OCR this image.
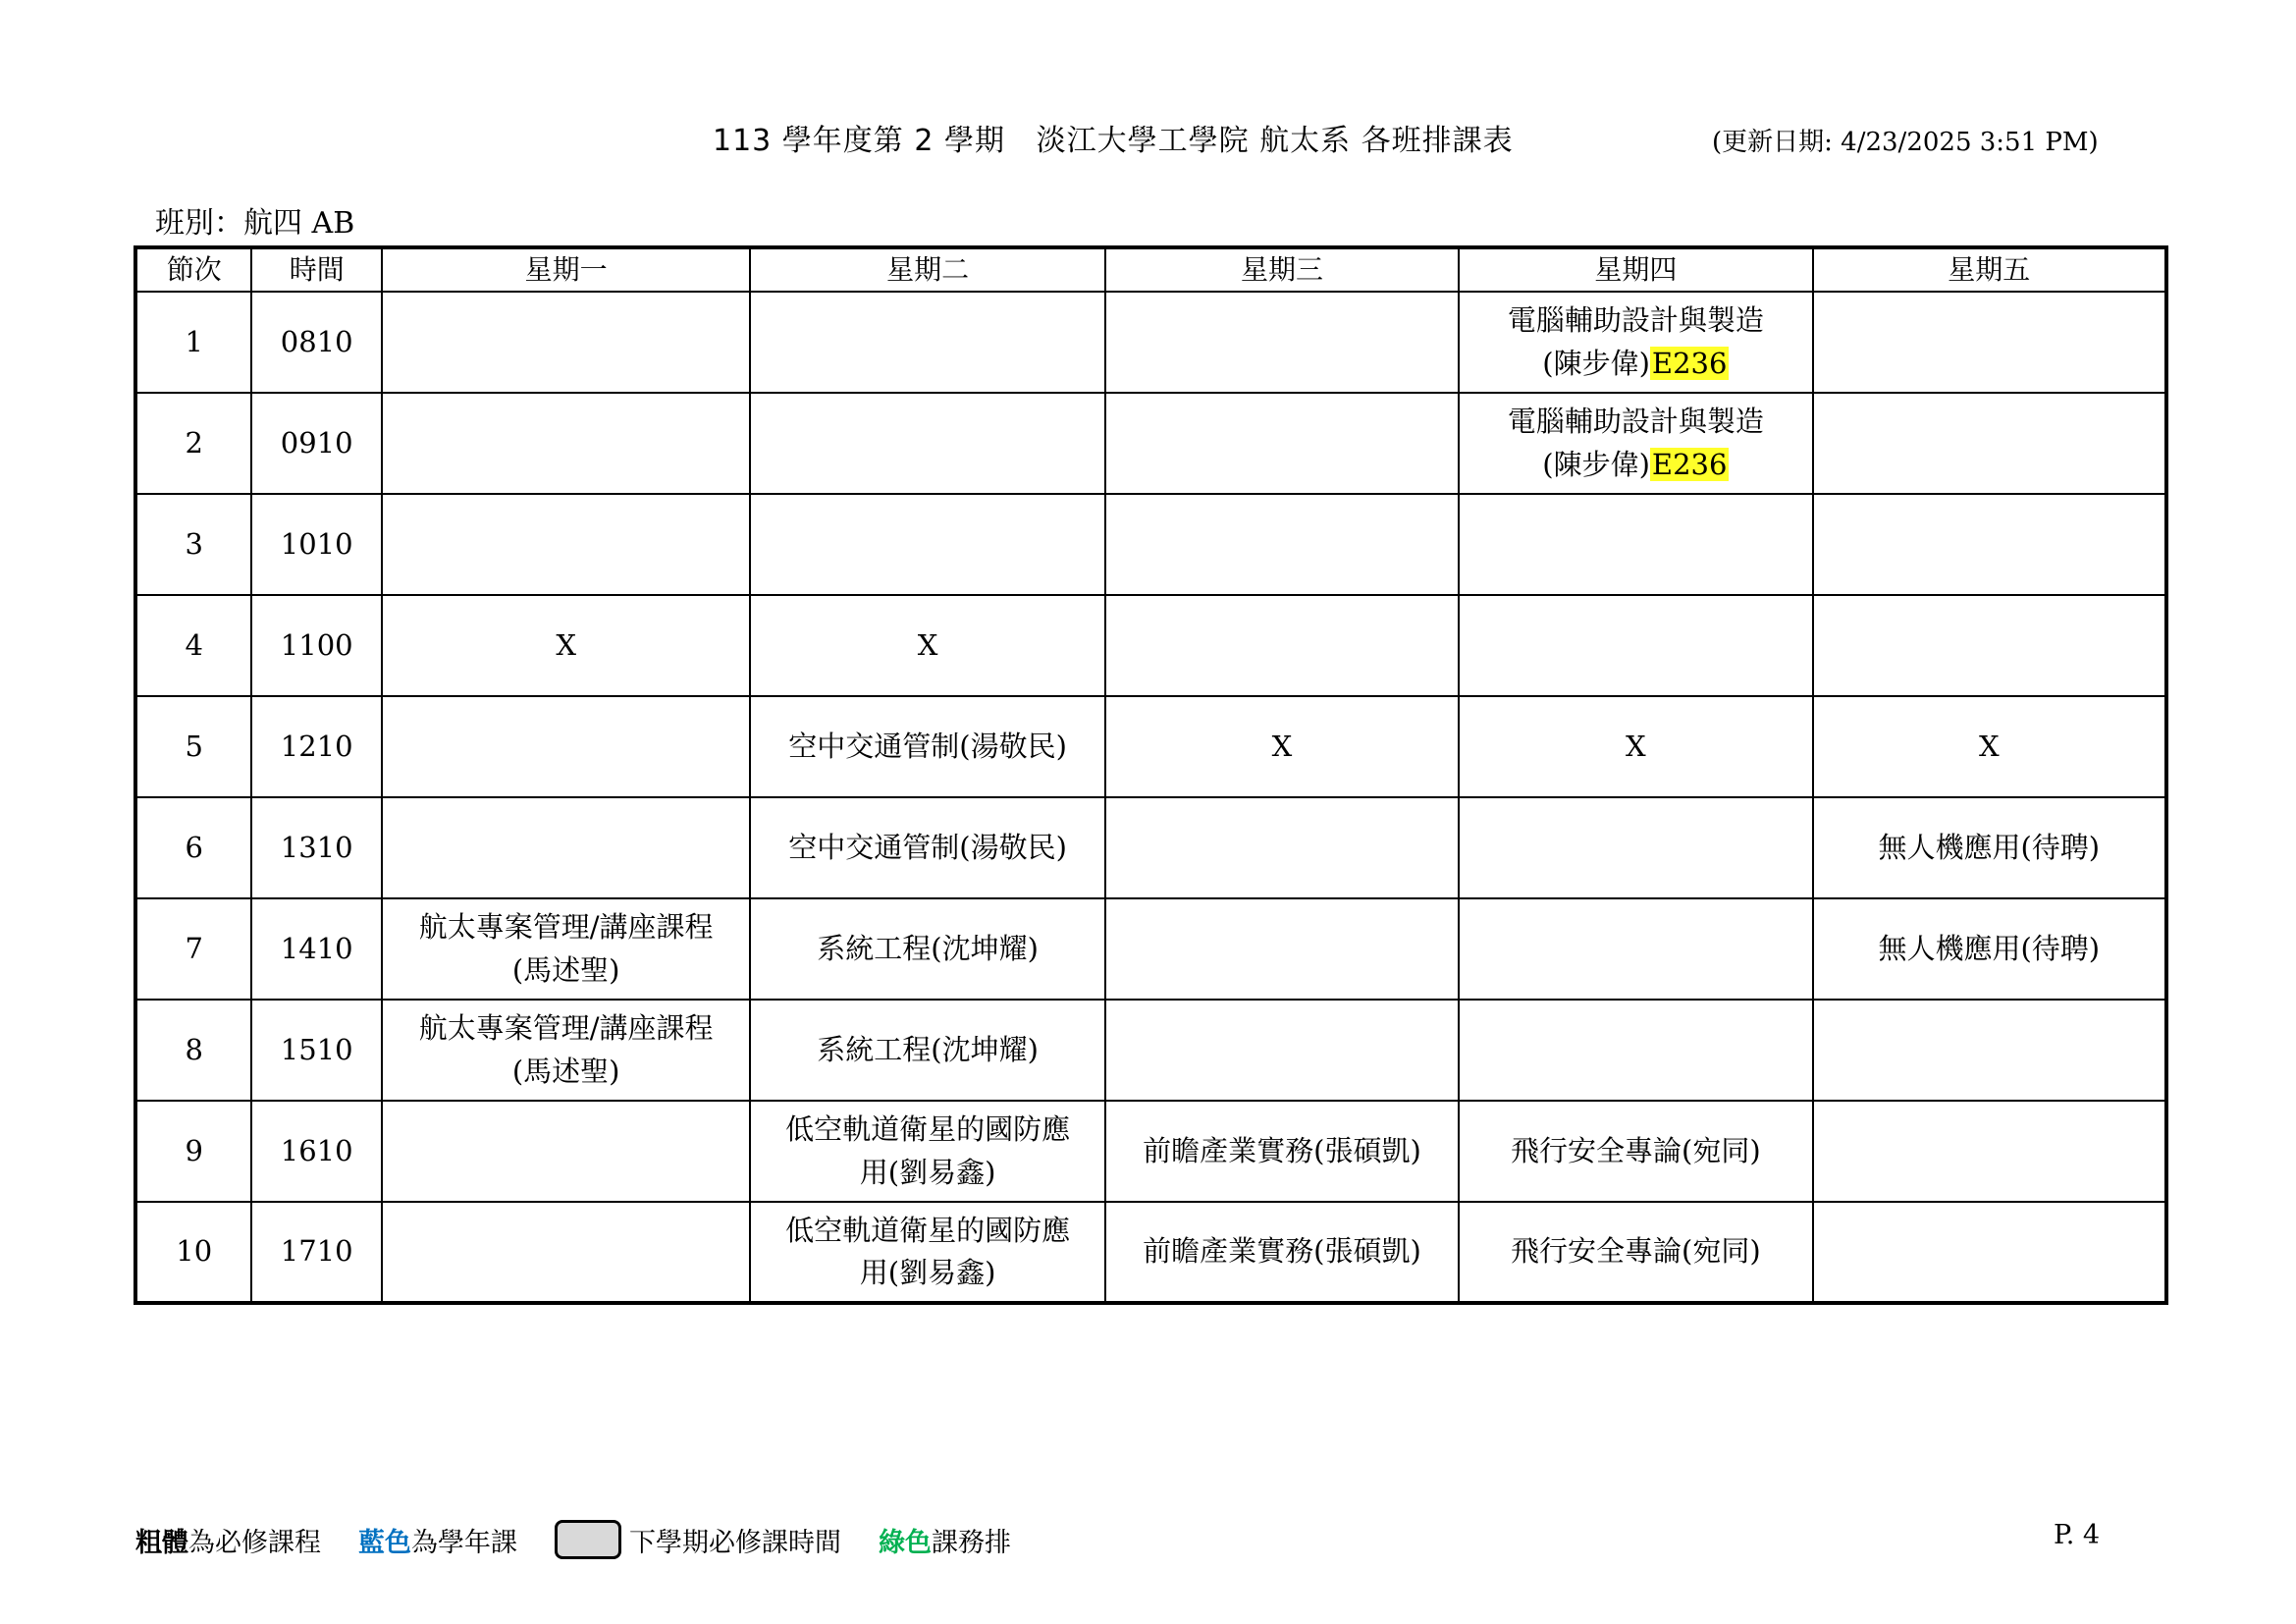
113 學年度第 2 學期   淡江大學工學院 航太系 各班排課表	(更新日期: 4/23/2025 3:51 PM)
班別：航四 AB
節次	時間	星期一	星期二	星期三	星期四	星期五
1	0810				電腦輔助設計與製造
(陳步偉)E236	

2	0910				電腦輔助設計與製造
(陳步偉)E236	

3	1010					
4	1100	X	X			
5	1210		空中交通管制(湯敬民)	X	X	X
6	1310		空中交通管制(湯敬民)			無人機應用(待聘)
7	1410	航太專案管理/講座課程
(馬述聖)	系統工程(沈坤耀)			無人機應用(待聘)
8	1510	航太專案管理/講座課程
(馬述聖)	系統工程(沈坤耀)			
9	1610		低空軌道衛星的國防應
用(劉易鑫)	前瞻產業實務(張碩凱)	飛行安全專論(宛同)	
10	1710		低空軌道衛星的國防應
用(劉易鑫)	前瞻產業實務(張碩凱)	飛行安全專論(宛同)	
粗體 為必修課程 藍色 為學年課	下學期必修課時間 綠色 課務排	P. 4
